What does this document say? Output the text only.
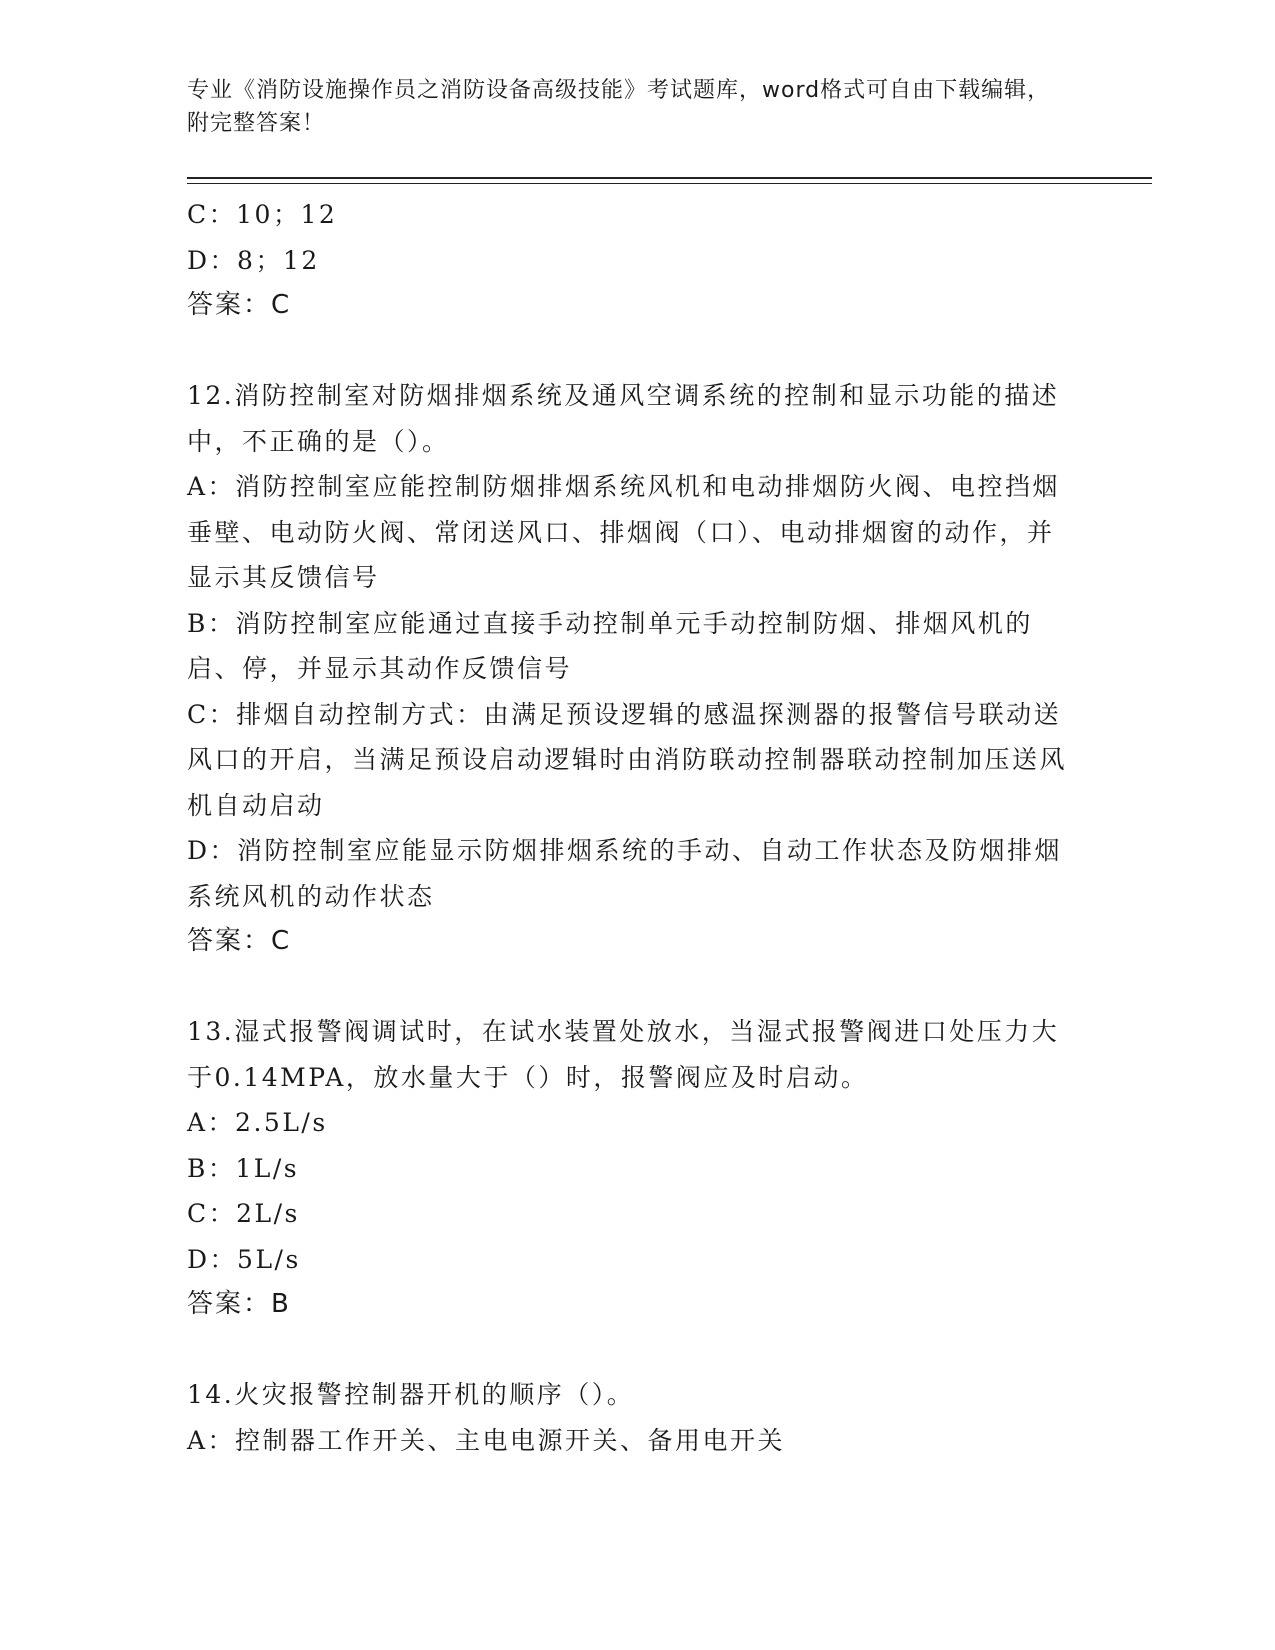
专业《消防设施操作员之消防设备高级技能》考试题库，word格式可自由下载编辑，附完整答案！
C：10；12
D：8；12
答案：C
12.消防控制室对防烟排烟系统及通风空调系统的控制和显示功能的描述中，不正确的是（）。
A：消防控制室应能控制防烟排烟系统风机和电动排烟防火阀、电控挡烟垂壁、电动防火阀、常闭送风口、排烟阀（口）、电动排烟窗的动作，并显示其反馈信号
B：消防控制室应能通过直接手动控制单元手动控制防烟、排烟风机的启、停，并显示其动作反馈信号
C：排烟自动控制方式：由满足预设逻辑的感温探测器的报警信号联动送风口的开启，当满足预设启动逻辑时由消防联动控制器联动控制加压送风机自动启动
D：消防控制室应能显示防烟排烟系统的手动、自动工作状态及防烟排烟系统风机的动作状态
答案：C
13.湿式报警阀调试时，在试水装置处放水，当湿式报警阀进口处压力大于0.14MPA，放水量大于（）时，报警阀应及时启动。
A：2.5L/s
B：1L/s
C：2L/s
D：5L/s
答案：B
14.火灾报警控制器开机的顺序（）。
A：控制器工作开关、主电电源开关、备用电开关
